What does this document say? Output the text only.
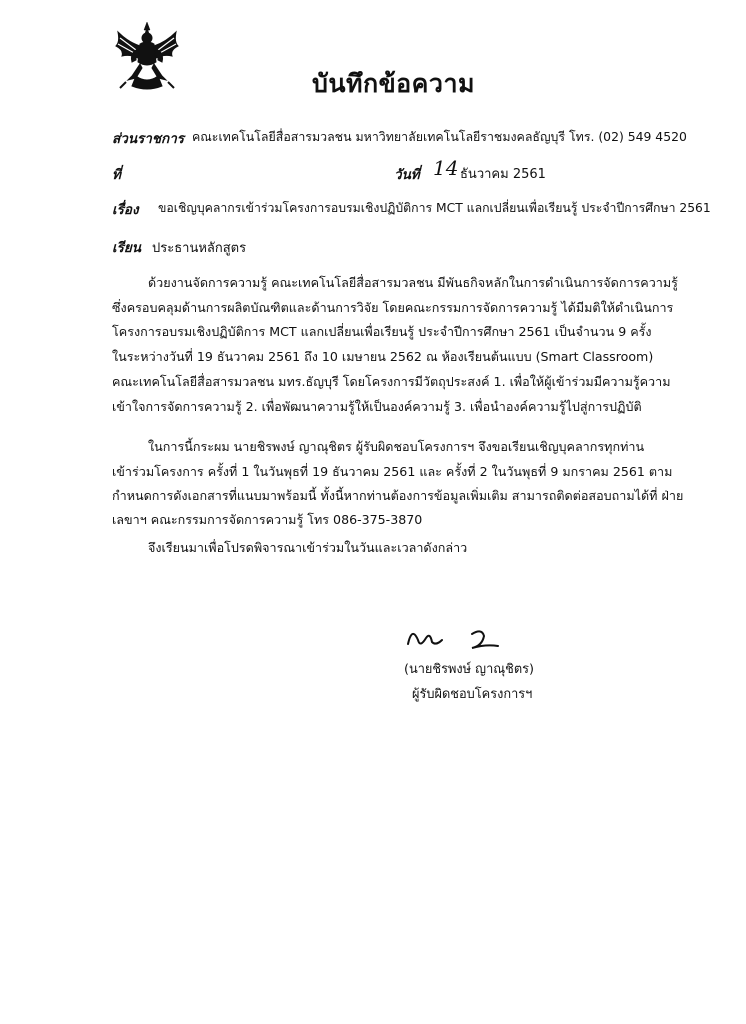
บันทึกข้อความ
ส่วนราชการ คณะเทคโนโลยีสื่อสารมวลชน มหาวิทยาลัยเทคโนโลยีราชมงคลธัญบุรี โทร. (02) 549 4520
ที่	วันที่ 14 ธันวาคม 2561
เรื่อง ขอเชิญบุคลากรเข้าร่วมโครงการอบรมเชิงปฏิบัติการ MCT แลกเปลี่ยนเพื่อเรียนรู้ ประจำปีการศึกษา 2561
เรียน ประธานหลักสูตร
ด้วยงานจัดการความรู้ คณะเทคโนโลยีสื่อสารมวลชน มีพันธกิจหลักในการดำเนินการจัดการความรู้
ซึ่งครอบคลุมด้านการผลิตบัณฑิตและด้านการวิจัย โดยคณะกรรมการจัดการความรู้ ได้มีมติให้ดำเนินการ
โครงการอบรมเชิงปฏิบัติการ MCT แลกเปลี่ยนเพื่อเรียนรู้ ประจำปีการศึกษา 2561 เป็นจำนวน 9 ครั้ง
ในระหว่างวันที่ 19 ธันวาคม 2561 ถึง 10 เมษายน 2562 ณ ห้องเรียนต้นแบบ (Smart Classroom)
คณะเทคโนโลยีสื่อสารมวลชน มทร.ธัญบุรี โดยโครงการมีวัตถุประสงค์ 1. เพื่อให้ผู้เข้าร่วมมีความรู้ความ
เข้าใจการจัดการความรู้ 2. เพื่อพัฒนาความรู้ให้เป็นองค์ความรู้ 3. เพื่อนำองค์ความรู้ไปสู่การปฏิบัติ
ในการนี้กระผม นายชิรพงษ์ ญาณุชิตร ผู้รับผิดชอบโครงการฯ จึงขอเรียนเชิญบุคลากรทุกท่าน
เข้าร่วมโครงการ ครั้งที่ 1 ในวันพุธที่ 19 ธันวาคม 2561 และ ครั้งที่ 2 ในวันพุธที่ 9 มกราคม 2561 ตาม
กำหนดการดังเอกสารที่แนบมาพร้อมนี้ ทั้งนี้หากท่านต้องการข้อมูลเพิ่มเติม สามารถติดต่อสอบถามได้ที่ ฝ่าย
เลขาฯ คณะกรรมการจัดการความรู้ โทร 086-375-3870
จึงเรียนมาเพื่อโปรดพิจารณาเข้าร่วมในวันและเวลาดังกล่าว
(นายชิรพงษ์ ญาณุชิตร)
ผู้รับผิดชอบโครงการฯ
